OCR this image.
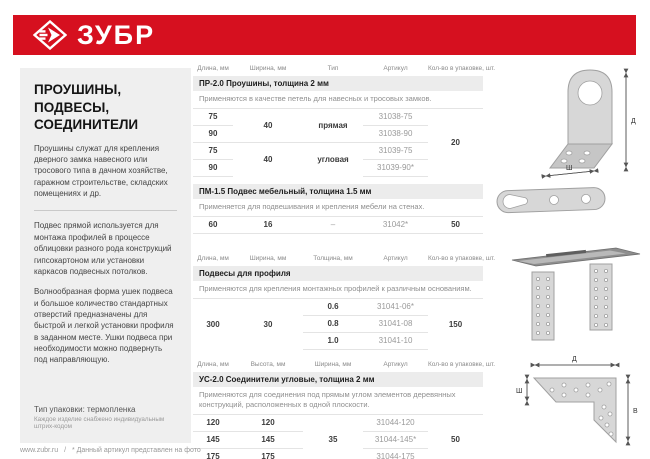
ЗУБР
ПРОУШИНЫ,
ПОДВЕСЫ,
СОЕДИНИТЕЛИ

Проушины служат для крепления дверного замка навесного или тросового типа в дачном хозяйстве, гаражном строительстве, складских помещениях и др.

Подвес прямой используется для монтажа профилей в процессе облицовки разного рода конструкций гипсокартоном или установки каркасов подвесных потолков.

Волнообразная форма ушек подвеса и большое количество стандартных отверстий предназначены для быстрой и легкой установки профиля в заданном месте. Ушки подвеса при необходимости можно подвернуть под направляющую.

Тип упаковки: термопленка
Каждое изделие снабжено индивидуальным штрих-кодом
Длина, мм	Ширина, мм	Тип	Артикул	Кол-во в упаковке, шт.
ПР-2.0 Проушины, толщина 2 мм				
Применяются в качестве петель для навесных и тросовых замков.				
75	40	прямая	31038-75	20
90			31038-90	
75	40	угловая	31039-75	
90			31039-90*	
ПМ-1.5 Подвес мебельный, толщина 1.5 мм
Применяется для подвешивания и крепления мебели на стенах.
60	16	–	31042*	50
Длина, мм	Ширина, мм	Толщина, мм	Артикул	Кол-во в упаковке, шт.
Подвесы для профиля				
Применяются для крепления монтажных профилей к различным основаниям.				
300	30	0.6	31041-06*	150
		0.8	31041-08	
		1.0	31041-10	
Длина, мм	Высота, мм	Ширина, мм	Артикул	Кол-во в упаковке, шт.
УС-2.0 Соединители угловые, толщина 2 мм				
Применяются для соединения под прямым углом элементов деревянных конструкций, расположенных в одной плоскости.				
120	120	35	31044-120	50
145	145		31044-145*	
175	175		31044-175	
Д
Ш
Д
В
Ш
www.zubr.ru / * Данный артикул представлен на фото
